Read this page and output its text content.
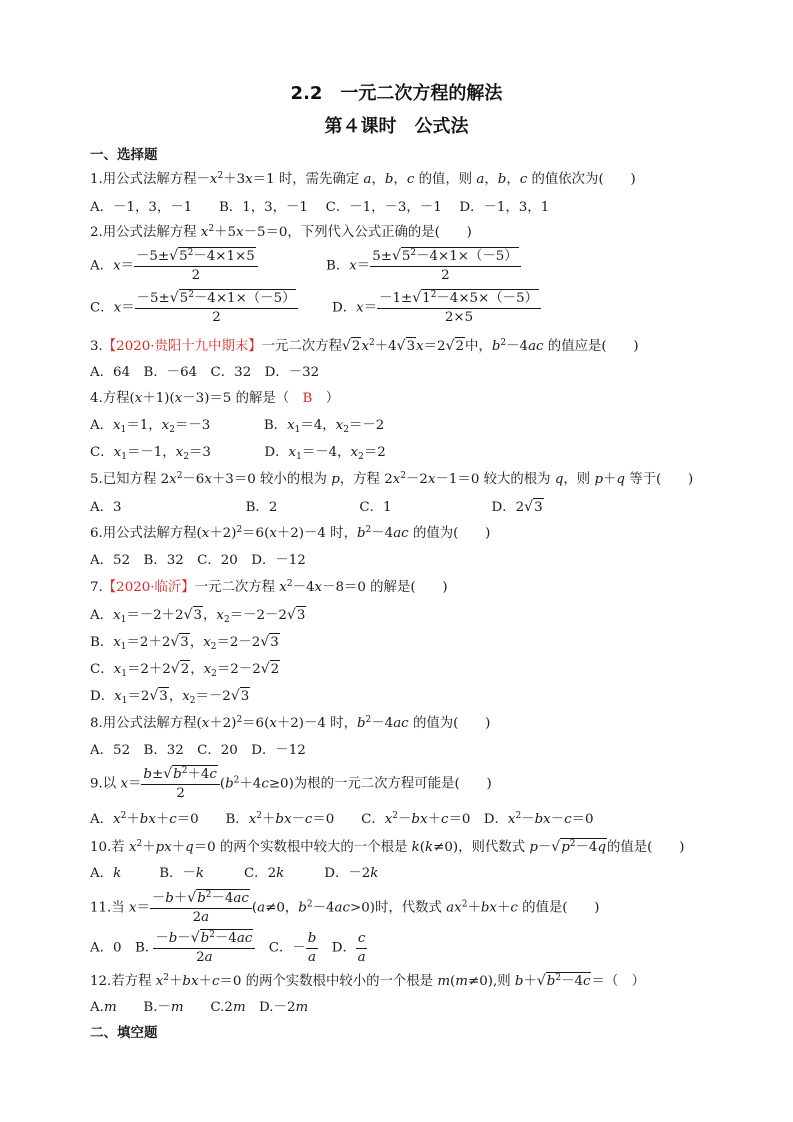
2.2　一元二次方程的解法
第４课时　公式法
一、选择题
1.用公式法解方程$-x^2+3x=1$ 时，需先确定 a，b，c 的值，则 a，b，c 的值依次为(　　)
A．－1，3，－1　　B．1，3，－1　 C．－1，－3，－1　 D．－1，3，1
2.用公式法解方程 $x^2+5x-5=0$，下列代入公式正确的是(　　)
A．$x= \frac{-5\pm√5^2-4\times 1\times 5}{2}$	B．$x= \frac{5\pm√5^2-4\times 1\times(-5)}{2}$
C．$x= \frac{-5\pm√5^2-4\times 1\times(-5)}{2}$	D．$x= \frac{-1\pm√1^2-4\times 5\times(-5)}{2\times 5}$
3.【2020·贵阳十九中期末】一元二次方程$√2x^2+4√3x=2√2$中，$b^2-4ac$ 的值应是(　　)
A．64　B．－64　C．32　D．－32
4.方程(x＋1)(x－3)＝5 的解是（　B　）
A．$x_1=1$，$x_2=-3$　　　　B．$x_1=4$，$x_2=-2$
C．$x_1=-1$，$x_2=3$　　　　D．$x_1=-4$，$x_2=2$
5.已知方程 $2x^2-6x+3=0$ 较小的根为 p，方程 $2x^2-2x-1=0$ 较大的根为 q，则 p＋q 等于(　　)
A．3	B．2	C．1	D．2√3
6.用公式法解方程$(x+2)^2=6(x+2)-4$ 时，$b^2-4ac$ 的值为(　　)
A．52　B．32　C．20　D．－12
7.【2020·临沂】一元二次方程 $x^2-4x-8=0$ 的解是(　　)
A．$x_1=-2+2√3$，$x_2=-2-2√3$
B．$x_1=2+2√3$，$x_2=2-2√3$
C．$x_1=2+2√2$，$x_2=2-2√2$
D．$x_1=2√3$，$x_2=-2√3$
8.用公式法解方程$(x+2)^2=6(x+2)-4$ 时，$b^2-4ac$ 的值为(　　)
A．52　B．32　C．20　D．－12
9.以 $x= \frac{b\pm√b^2+4c}{2} (b^2+4c\ge 0)$为根的一元二次方程可能是(　　)
A．$x^2+bx+c=0$　　B．$x^2+bx-c=0$　　C．$x^2-bx+c=0$　D．$x^2-bx-c=0$
10.若 $x^2+px+q=0$ 的两个实数根中较大的一个根是 k(k≠0)，则代数式 $p-√p^2-4q$的值是(　　)
A．k	B．－k	C．2k	D．－2k
11.当 $x= \frac{-b+√b^2-4ac}{2a} (a\ne 0$，$b^2-4ac>0$)时，代数式 $ax^2+bx+c$ 的值是(　　)
A．0　B. $\frac{-b-√b^2-4ac}{2a}$ 　C．－ $\frac{b}{a}$ 　D． $\frac{c}{a}$
12.若方程 $x^2+bx+c=0$ 的两个实数根中较小的一个根是 m(m≠0),则 $b+√b^2-4c=$（　）
A.m　　B.－m　　C.2m　D.－2m
二、填空题
